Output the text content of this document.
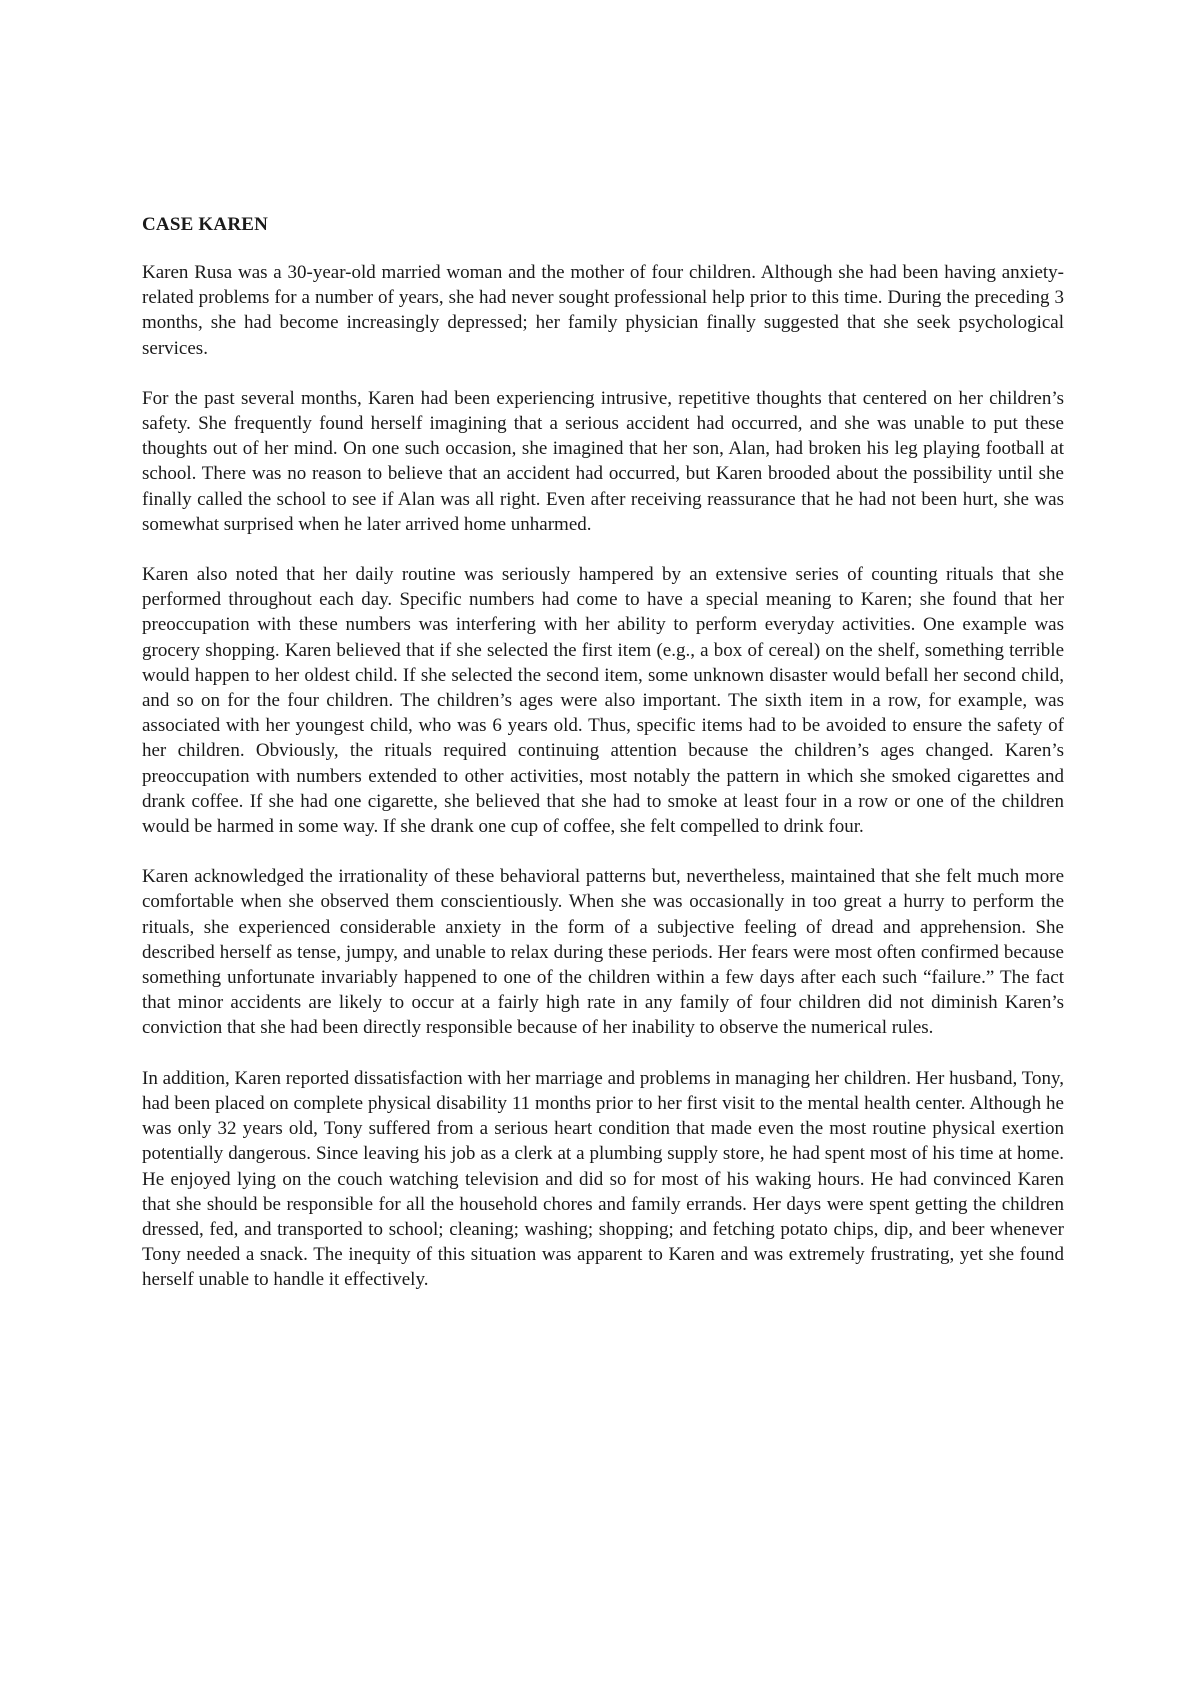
CASE KAREN

Karen Rusa was a 30-year-old married woman and the mother of four children. Although she had been having anxiety-related problems for a number of years, she had never sought professional help prior to this time. During the preceding 3 months, she had become increasingly depressed; her family physician finally suggested that she seek psychological services.

For the past several months, Karen had been experiencing intrusive, repetitive thoughts that centered on her children’s safety. She frequently found herself imagining that a serious accident had occurred, and she was unable to put these thoughts out of her mind. On one such occasion, she imagined that her son, Alan, had broken his leg playing football at school. There was no reason to believe that an accident had occurred, but Karen brooded about the possibility until she finally called the school to see if Alan was all right. Even after receiving reassurance that he had not been hurt, she was somewhat surprised when he later arrived home unharmed.

Karen also noted that her daily routine was seriously hampered by an extensive series of counting rituals that she performed throughout each day. Specific numbers had come to have a special meaning to Karen; she found that her preoccupation with these numbers was interfering with her ability to perform everyday activities. One example was grocery shopping. Karen believed that if she selected the first item (e.g., a box of cereal) on the shelf, something terrible would happen to her oldest child. If she selected the second item, some unknown disaster would befall her second child, and so on for the four children. The children’s ages were also important. The sixth item in a row, for example, was associated with her youngest child, who was 6 years old. Thus, specific items had to be avoided to ensure the safety of her children. Obviously, the rituals required continuing attention because the children’s ages changed. Karen’s preoccupation with numbers extended to other activities, most notably the pattern in which she smoked cigarettes and drank coffee. If she had one cigarette, she believed that she had to smoke at least four in a row or one of the children would be harmed in some way. If she drank one cup of coffee, she felt compelled to drink four.

Karen acknowledged the irrationality of these behavioral patterns but, nevertheless, maintained that she felt much more comfortable when she observed them conscientiously. When she was occasionally in too great a hurry to perform the rituals, she experienced considerable anxiety in the form of a subjective feeling of dread and apprehension. She described herself as tense, jumpy, and unable to relax during these periods. Her fears were most often confirmed because something unfortunate invariably happened to one of the children within a few days after each such “failure.” The fact that minor accidents are likely to occur at a fairly high rate in any family of four children did not diminish Karen’s conviction that she had been directly responsible because of her inability to observe the numerical rules.

In addition, Karen reported dissatisfaction with her marriage and problems in managing her children. Her husband, Tony, had been placed on complete physical disability 11 months prior to her first visit to the mental health center. Although he was only 32 years old, Tony suffered from a serious heart condition that made even the most routine physical exertion potentially dangerous. Since leaving his job as a clerk at a plumbing supply store, he had spent most of his time at home. He enjoyed lying on the couch watching television and did so for most of his waking hours. He had convinced Karen that she should be responsible for all the household chores and family errands. Her days were spent getting the children dressed, fed, and transported to school; cleaning; washing; shopping; and fetching potato chips, dip, and beer whenever Tony needed a snack. The inequity of this situation was apparent to Karen and was extremely frustrating, yet she found herself unable to handle it effectively.
